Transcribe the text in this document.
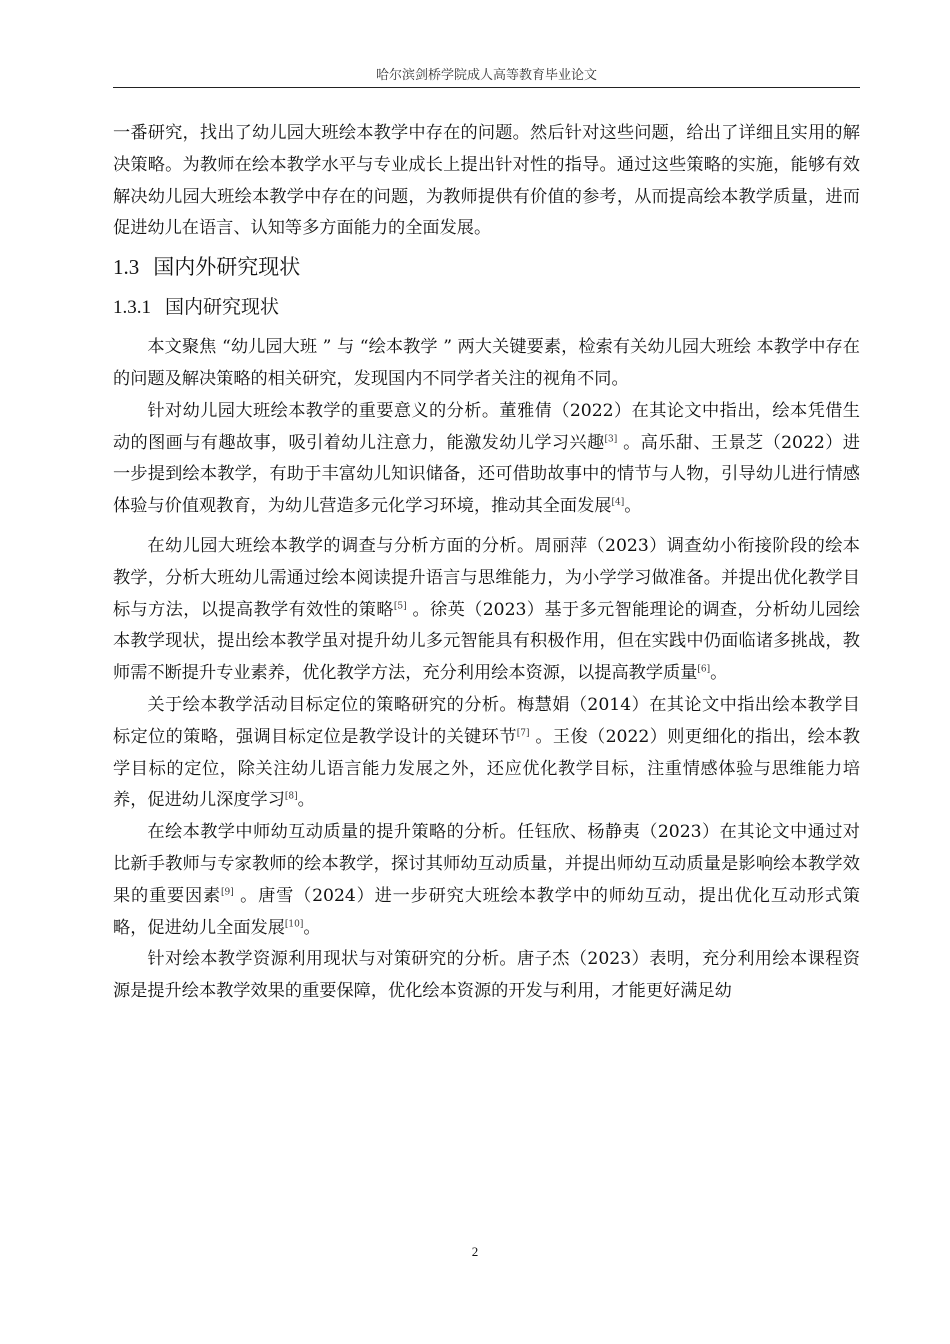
哈尔滨剑桥学院成人高等教育毕业论文

一番研究，找出了幼儿园大班绘本教学中存在的问题。然后针对这些问题，给出了详细且实用的解决策略。为教师在绘本教学水平与专业成长上提出针对性的指导。通过这些策略的实施，能够有效解决幼儿园大班绘本教学中存在的问题，为教师提供有价值的参考，从而提高绘本教学质量，进而促进幼儿在语言、认知等多方面能力的全面发展。

1.3 国内外研究现状
1.3.1 国内研究现状

本文聚焦 “幼儿园大班 ” 与 “绘本教学 ” 两大关键要素，检索有关幼儿园大班绘 本教学中存在的问题及解决策略的相关研究，发现国内不同学者关注的视角不同。

针对幼儿园大班绘本教学的重要意义的分析。董雅倩（2022）在其论文中指出，绘本凭借生动的图画与有趣故事，吸引着幼儿注意力，能激发幼儿学习兴趣[3] 。高乐甜、王景芝（2022）进一步提到绘本教学，有助于丰富幼儿知识储备，还可借助故事中的情节与人物，引导幼儿进行情感体验与价值观教育，为幼儿营造多元化学习环境，推动其全面发展[4]。

在幼儿园大班绘本教学的调查与分析方面的分析。周丽萍（2023）调查幼小衔接阶段的绘本教学，分析大班幼儿需通过绘本阅读提升语言与思维能力，为小学学习做准备。并提出优化教学目标与方法，以提高教学有效性的策略[5] 。徐英（2023）基于多元智能理论的调查，分析幼儿园绘本教学现状，提出绘本教学虽对提升幼儿多元智能具有积极作用，但在实践中仍面临诸多挑战，教师需不断提升专业素养，优化教学方法，充分利用绘本资源，以提高教学质量[6]。

关于绘本教学活动目标定位的策略研究的分析。梅慧娟（2014）在其论文中指出绘本教学目标定位的策略，强调目标定位是教学设计的关键环节[7] 。王俊（2022）则更细化的指出，绘本教学目标的定位，除关注幼儿语言能力发展之外，还应优化教学目标，注重情感体验与思维能力培养，促进幼儿深度学习[8]。

在绘本教学中师幼互动质量的提升策略的分析。任钰欣、杨静夷（2023）在其论文中通过对比新手教师与专家教师的绘本教学，探讨其师幼互动质量，并提出师幼互动质量是影响绘本教学效果的重要因素[9] 。唐雪（2024）进一步研究大班绘本教学中的师幼互动，提出优化互动形式策略，促进幼儿全面发展[10]。

针对绘本教学资源利用现状与对策研究的分析。唐子杰（2023）表明，充分利用绘本课程资源是提升绘本教学效果的重要保障，优化绘本资源的开发与利用，才能更好满足幼

2
